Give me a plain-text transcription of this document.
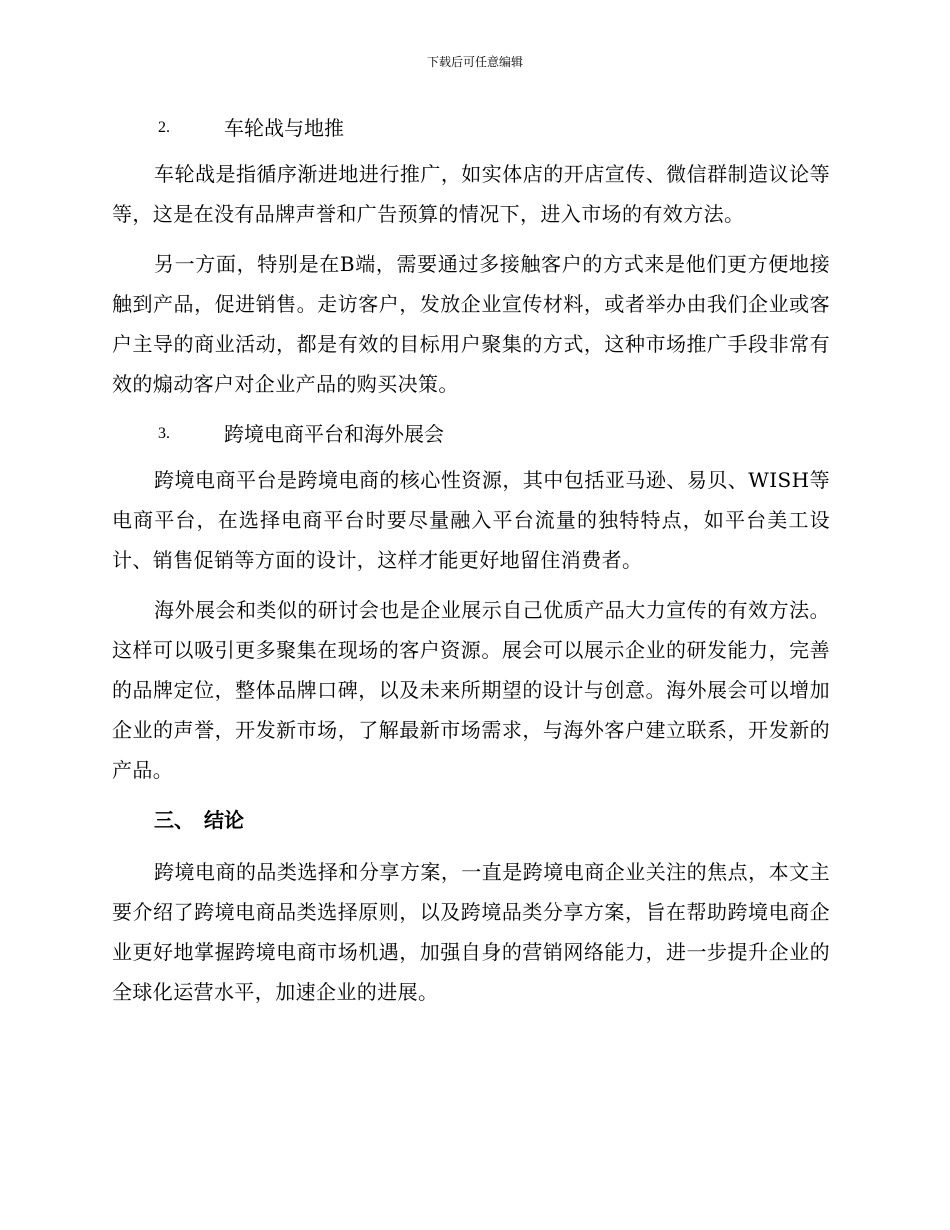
下载后可任意编辑
2.	车轮战与地推

车轮战是指循序渐进地进行推广，如实体店的开店宣传、微信群制造议论等等，这是在没有品牌声誉和广告预算的情况下，进入市场的有效方法。

另一方面，特别是在B端，需要通过多接触客户的方式来是他们更方便地接触到产品，促进销售。走访客户，发放企业宣传材料，或者举办由我们企业或客户主导的商业活动，都是有效的目标用户聚集的方式，这种市场推广手段非常有效的煽动客户对企业产品的购买决策。

3.	跨境电商平台和海外展会

跨境电商平台是跨境电商的核心性资源，其中包括亚马逊、易贝、WISH等电商平台，在选择电商平台时要尽量融入平台流量的独特特点，如平台美工设计、销售促销等方面的设计，这样才能更好地留住消费者。

海外展会和类似的研讨会也是企业展示自己优质产品大力宣传的有效方法。这样可以吸引更多聚集在现场的客户资源。展会可以展示企业的研发能力，完善的品牌定位，整体品牌口碑，以及未来所期望的设计与创意。海外展会可以增加企业的声誉，开发新市场，了解最新市场需求，与海外客户建立联系，开发新的产品。

三、 结论

跨境电商的品类选择和分享方案，一直是跨境电商企业关注的焦点，本文主要介绍了跨境电商品类选择原则，以及跨境品类分享方案，旨在帮助跨境电商企业更好地掌握跨境电商市场机遇，加强自身的营销网络能力，进一步提升企业的全球化运营水平，加速企业的进展。
